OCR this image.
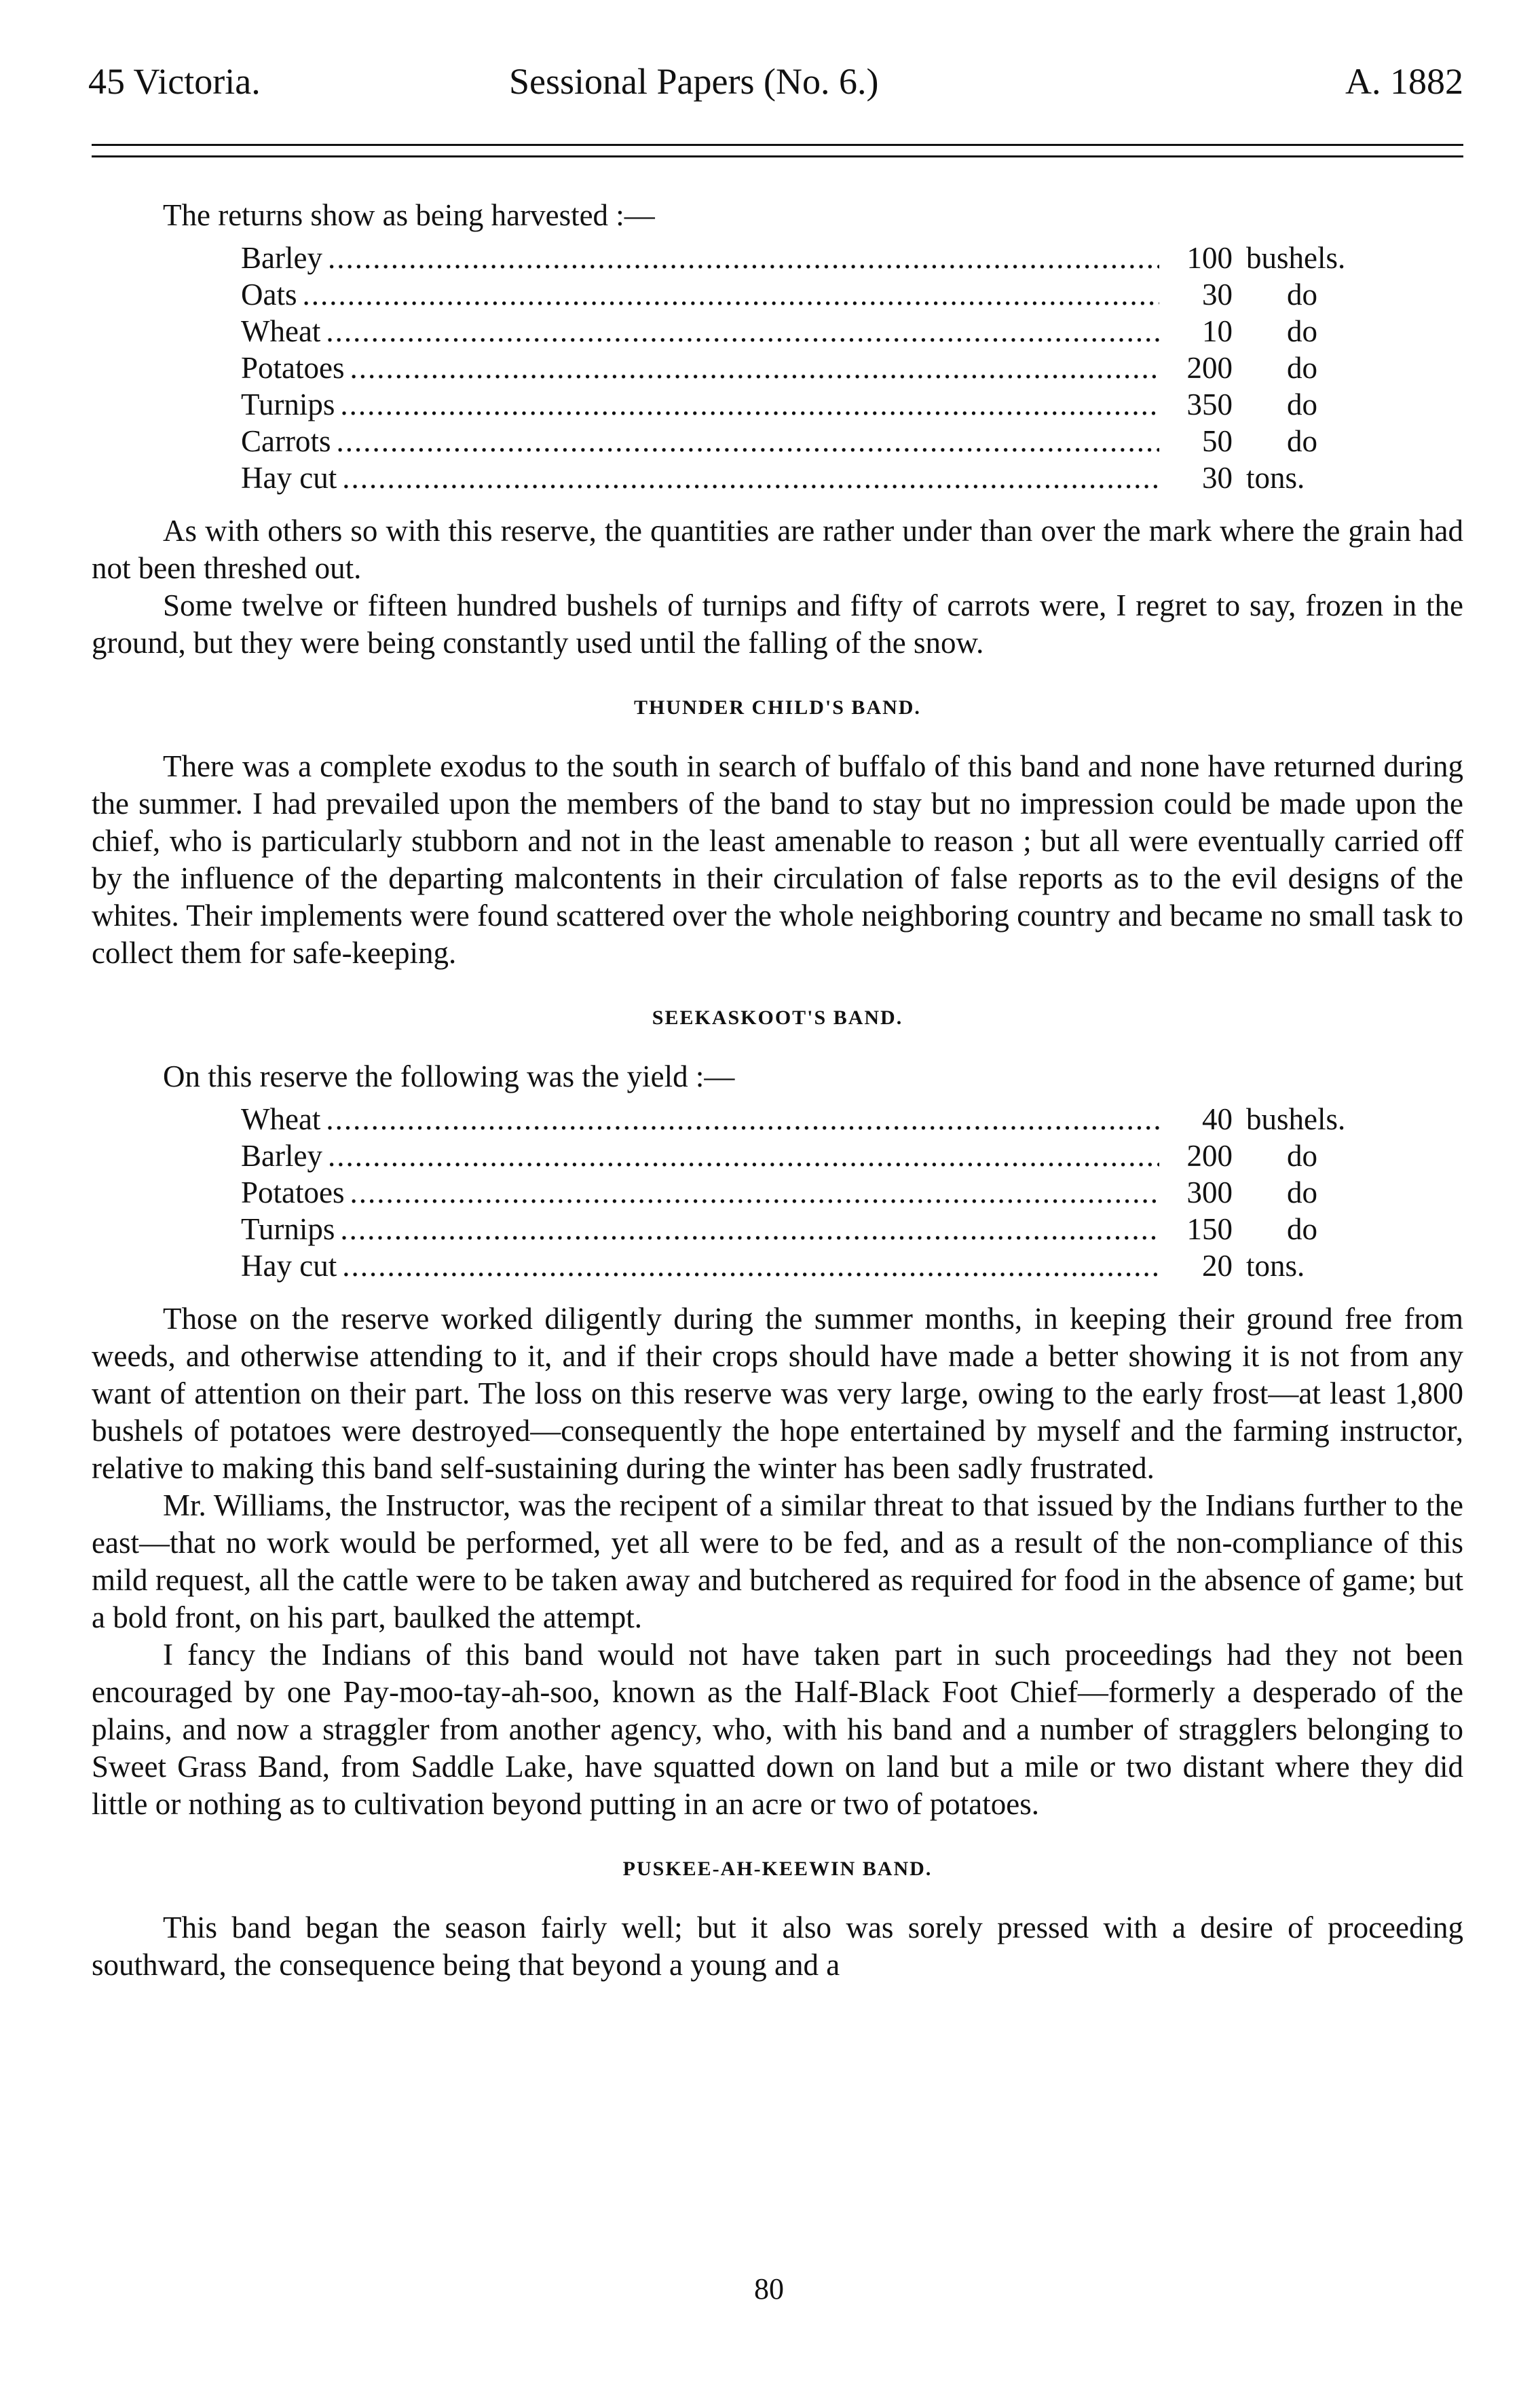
45 Victoria.	Sessional Papers (No. 6.)	A. 1882
The returns show as being harvested :—
Barley .....	100 bushels.
Oats .....	30	do
Wheat .....	10	do
Potatoes .....	200	do
Turnips .....	350	do
Carrots .....	50	do
Hay cut .....	30 tons.

As with others so with this reserve, the quantities are rather under than over the mark where the grain had not been threshed out.

Some twelve or fifteen hundred bushels of turnips and fifty of carrots were, I regret to say, frozen in the ground, but they were being constantly used until the falling of the snow.

THUNDER CHILD'S BAND.

There was a complete exodus to the south in search of buffalo of this band and none have returned during the summer. I had prevailed upon the members of the band to stay but no impression could be made upon the chief, who is particularly stubborn and not in the least amenable to reason ; but all were eventually carried off by the influence of the departing malcontents in their circulation of false reports as to the evil designs of the whites. Their implements were found scattered over the whole neighboring country and became no small task to collect them for safe-keeping.

SEEKASKOOT'S BAND.
On this reserve the following was the yield :—
Wheat .....	40 bushels.
Barley .....	200	do
Potatoes .....	300	do
Turnips .....	150	do
Hay cut .....	20 tons.

Those on the reserve worked diligently during the summer months, in keeping their ground free from weeds, and otherwise attending to it, and if their crops should have made a better showing it is not from any want of attention on their part. The loss on this reserve was very large, owing to the early frost—at least 1,800 bushels of potatoes were destroyed—consequently the hope entertained by myself and the farming instructor, relative to making this band self-sustaining during the winter has been sadly frustrated.

Mr. Williams, the Instructor, was the recipent of a similar threat to that issued by the Indians further to the east—that no work would be performed, yet all were to be fed, and as a result of the non-compliance of this mild request, all the cattle were to be taken away and butchered as required for food in the absence of game; but a bold front, on his part, baulked the attempt.

I fancy the Indians of this band would not have taken part in such proceedings had they not been encouraged by one Pay-moo-tay-ah-soo, known as the Half-Black Foot Chief—formerly a desperado of the plains, and now a straggler from another agency, who, with his band and a number of stragglers belonging to Sweet Grass Band, from Saddle Lake, have squatted down on land but a mile or two distant where they did little or nothing as to cultivation beyond putting in an acre or two of potatoes.

PUSKEE-AH-KEEWIN BAND.

This band began the season fairly well; but it also was sorely pressed with a desire of proceeding southward, the consequence being that beyond a young and a

80
